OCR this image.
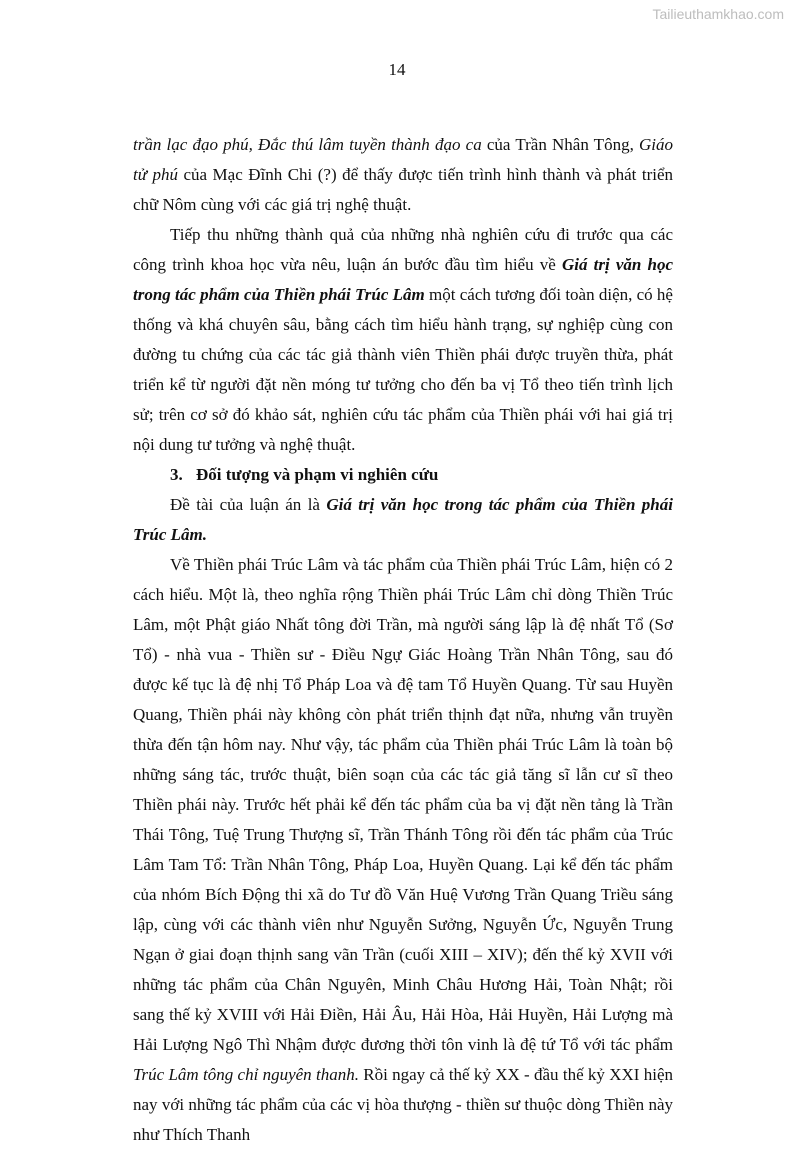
Tailieuthamkhao.com
14

trần lạc đạo phú, Đắc thú lâm tuyền thành đạo ca của Trần Nhân Tông, Giáo tử phú của Mạc Đĩnh Chi (?) để thấy được tiến trình hình thành và phát triển chữ Nôm cùng với các giá trị nghệ thuật.

Tiếp thu những thành quả của những nhà nghiên cứu đi trước qua các công trình khoa học vừa nêu, luận án bước đầu tìm hiểu về Giá trị văn học trong tác phẩm của Thiền phái Trúc Lâm một cách tương đối toàn diện, có hệ thống và khá chuyên sâu, bằng cách tìm hiểu hành trạng, sự nghiệp cùng con đường tu chứng của các tác giả thành viên Thiền phái được truyền thừa, phát triển kể từ người đặt nền móng tư tưởng cho đến ba vị Tổ theo tiến trình lịch sử; trên cơ sở đó khảo sát, nghiên cứu tác phẩm của Thiền phái với hai giá trị nội dung tư tưởng và nghệ thuật.

3. Đối tượng và phạm vi nghiên cứu

Đề tài của luận án là Giá trị văn học trong tác phẩm của Thiền phái Trúc Lâm.

Về Thiền phái Trúc Lâm và tác phẩm của Thiền phái Trúc Lâm, hiện có 2 cách hiểu. Một là, theo nghĩa rộng Thiền phái Trúc Lâm chỉ dòng Thiền Trúc Lâm, một Phật giáo Nhất tông đời Trần, mà người sáng lập là đệ nhất Tổ (Sơ Tổ) - nhà vua - Thiền sư - Điều Ngự Giác Hoàng Trần Nhân Tông, sau đó được kế tục là đệ nhị Tổ Pháp Loa và đệ tam Tổ Huyền Quang. Từ sau Huyền Quang, Thiền phái này không còn phát triển thịnh đạt nữa, nhưng vẫn truyền thừa đến tận hôm nay. Như vậy, tác phẩm của Thiền phái Trúc Lâm là toàn bộ những sáng tác, trước thuật, biên soạn của các tác giả tăng sĩ lẫn cư sĩ theo Thiền phái này. Trước hết phải kể đến tác phẩm của ba vị đặt nền tảng là Trần Thái Tông, Tuệ Trung Thượng sĩ, Trần Thánh Tông rồi đến tác phẩm của Trúc Lâm Tam Tổ: Trần Nhân Tông, Pháp Loa, Huyền Quang. Lại kể đến tác phẩm của nhóm Bích Động thi xã do Tư đồ Văn Huệ Vương Trần Quang Triều sáng lập, cùng với các thành viên như Nguyễn Sưởng, Nguyễn Ức, Nguyễn Trung Ngạn ở giai đoạn thịnh sang vãn Trần (cuối XIII – XIV); đến thế kỷ XVII với những tác phẩm của Chân Nguyên, Minh Châu Hương Hải, Toàn Nhật; rồi sang thế kỷ XVIII với Hải Điền, Hải Âu, Hải Hòa, Hải Huyền, Hải Lượng mà Hải Lượng Ngô Thì Nhậm được đương thời tôn vinh là đệ tứ Tổ với tác phẩm Trúc Lâm tông chỉ nguyên thanh. Rồi ngay cả thế kỷ XX - đầu thế kỷ XXI hiện nay với những tác phẩm của các vị hòa thượng - thiền sư thuộc dòng Thiền này như Thích Thanh
